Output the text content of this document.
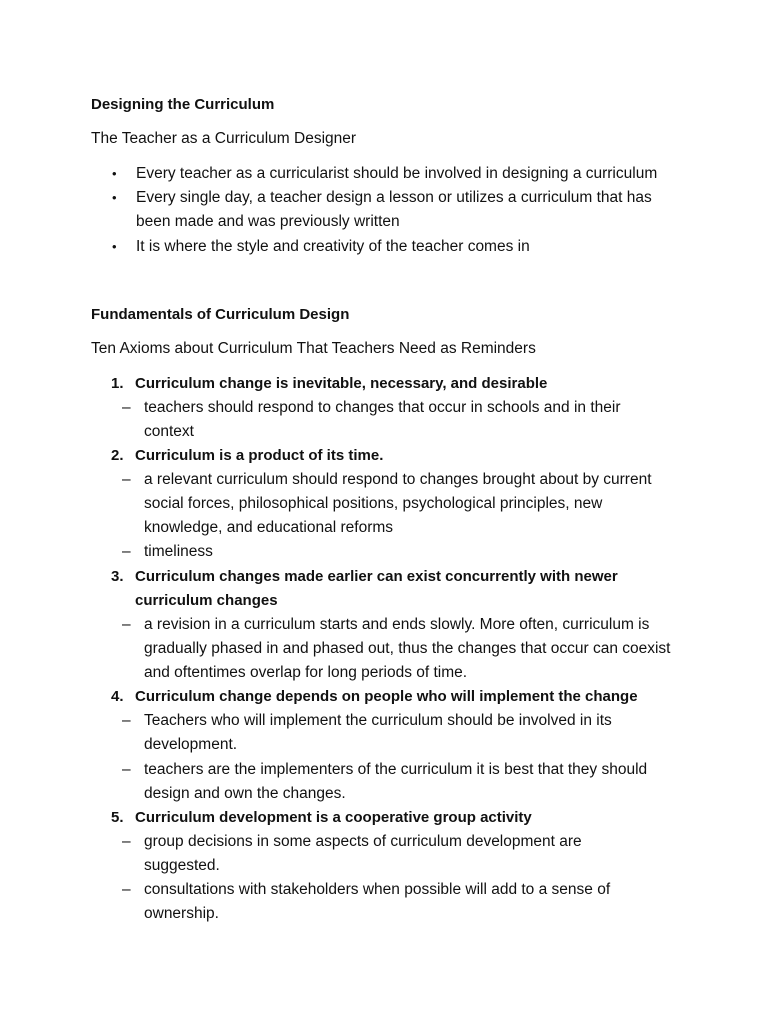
Designing the Curriculum
The Teacher as a Curriculum Designer
• Every teacher as a curricularist should be involved in designing a curriculum
• Every single day, a teacher design a lesson or utilizes a curriculum that has been made and was previously written
• It is where the style and creativity of the teacher comes in
Fundamentals of Curriculum Design
Ten Axioms about Curriculum That Teachers Need as Reminders
1. Curriculum change is inevitable, necessary, and desirable
– teachers should respond to changes that occur in schools and in their context
2. Curriculum is a product of its time.
– a relevant curriculum should respond to changes brought about by current social forces, philosophical positions, psychological principles, new knowledge, and educational reforms
– timeliness
3. Curriculum changes made earlier can exist concurrently with newer curriculum changes
– a revision in a curriculum starts and ends slowly. More often, curriculum is gradually phased in and phased out, thus the changes that occur can coexist and oftentimes overlap for long periods of time.
4. Curriculum change depends on people who will implement the change
– Teachers who will implement the curriculum should be involved in its development.
– teachers are the implementers of the curriculum it is best that they should design and own the changes.
5. Curriculum development is a cooperative group activity
– group decisions in some aspects of curriculum development are suggested.
– consultations with stakeholders when possible will add to a sense of ownership.
